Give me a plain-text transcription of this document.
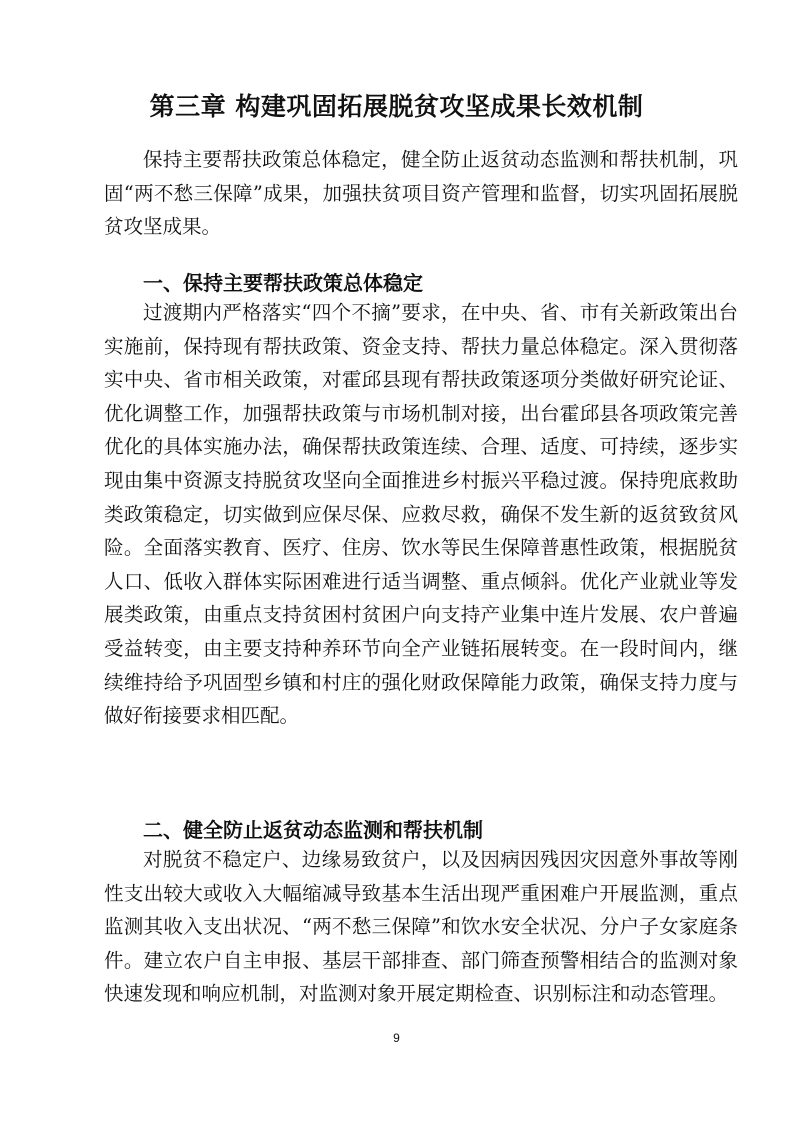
第三章 构建巩固拓展脱贫攻坚成果长效机制

保持主要帮扶政策总体稳定，健全防止返贫动态监测和帮扶机制，巩固“两不愁三保障”成果，加强扶贫项目资产管理和监督，切实巩固拓展脱贫攻坚成果。

一、保持主要帮扶政策总体稳定

过渡期内严格落实“四个不摘”要求，在中央、省、市有关新政策出台实施前，保持现有帮扶政策、资金支持、帮扶力量总体稳定。深入贯彻落实中央、省市相关政策，对霍邱县现有帮扶政策逐项分类做好研究论证、优化调整工作，加强帮扶政策与市场机制对接，出台霍邱县各项政策完善优化的具体实施办法，确保帮扶政策连续、合理、适度、可持续，逐步实现由集中资源支持脱贫攻坚向全面推进乡村振兴平稳过渡。保持兜底救助类政策稳定，切实做到应保尽保、应救尽救，确保不发生新的返贫致贫风险。全面落实教育、医疗、住房、饮水等民生保障普惠性政策，根据脱贫人口、低收入群体实际困难进行适当调整、重点倾斜。优化产业就业等发展类政策，由重点支持贫困村贫困户向支持产业集中连片发展、农户普遍受益转变，由主要支持种养环节向全产业链拓展转变。在一段时间内，继续维持给予巩固型乡镇和村庄的强化财政保障能力政策，确保支持力度与做好衔接要求相匹配。

二、健全防止返贫动态监测和帮扶机制

对脱贫不稳定户、边缘易致贫户，以及因病因残因灾因意外事故等刚性支出较大或收入大幅缩减导致基本生活出现严重困难户开展监测，重点监测其收入支出状况、“两不愁三保障”和饮水安全状况、分户子女家庭条件。建立农户自主申报、基层干部排查、部门筛查预警相结合的监测对象快速发现和响应机制，对监测对象开展定期检查、识别标注和动态管理。

9
